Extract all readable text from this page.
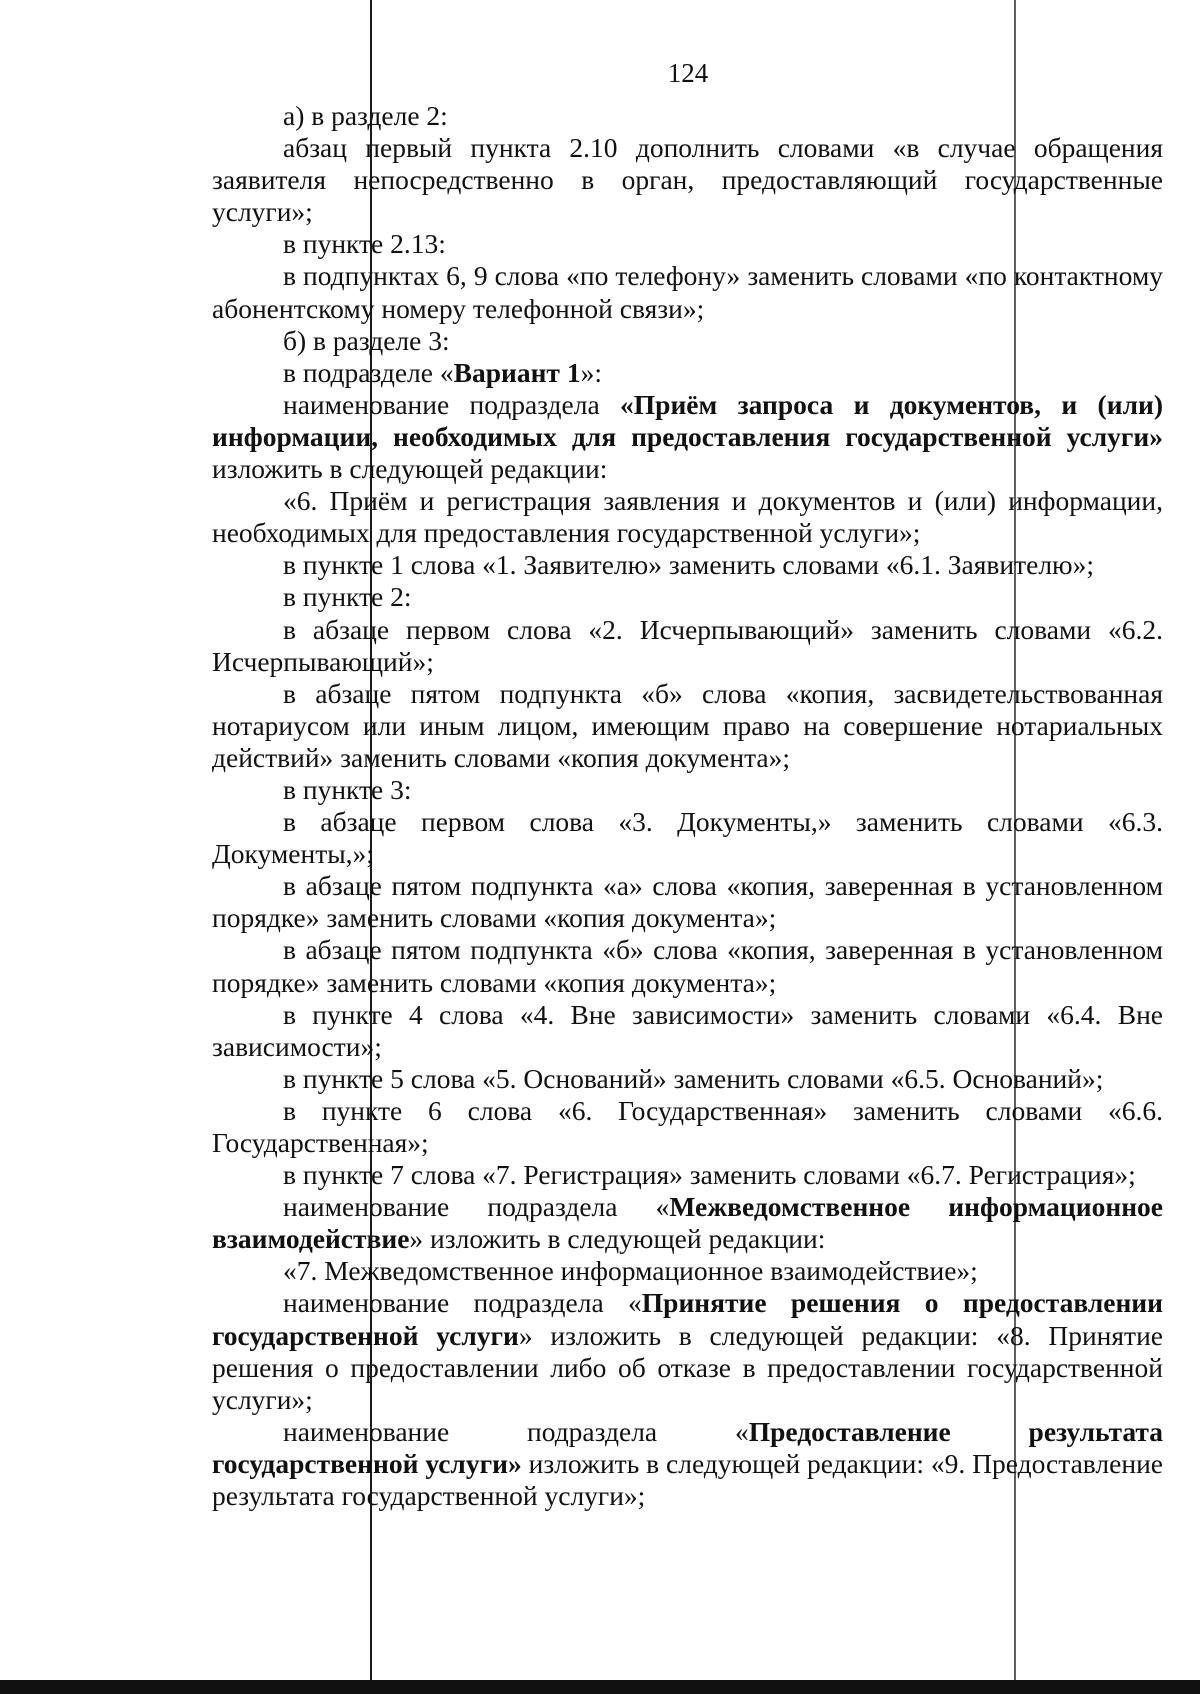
124

а) в разделе 2:

абзац первый пункта 2.10 дополнить словами «в случае обращения заявителя непосредственно в орган, предоставляющий государственные услуги»;

в пункте 2.13:

в подпунктах 6, 9 слова «по телефону» заменить словами «по контактному абонентскому номеру телефонной связи»;

б) в разделе 3:

в подразделе «Вариант 1»:

наименование подраздела «Приём запроса и документов, и (или) информации, необходимых для предоставления государственной услуги» изложить в следующей редакции:

«6. Приём и регистрация заявления и документов и (или) информации, необходимых для предоставления государственной услуги»;

в пункте 1 слова «1. Заявителю» заменить словами «6.1. Заявителю»;

в пункте 2:

в абзаце первом слова «2. Исчерпывающий» заменить словами «6.2. Исчерпывающий»;

в абзаце пятом подпункта «б» слова «копия, засвидетельствованная нотариусом или иным лицом, имеющим право на совершение нотариальных действий» заменить словами «копия документа»;

в пункте 3:

в абзаце первом слова «3. Документы,» заменить словами «6.3. Документы,»;

в абзаце пятом подпункта «а» слова «копия, заверенная в установленном порядке» заменить словами «копия документа»;

в абзаце пятом подпункта «б» слова «копия, заверенная в установленном порядке» заменить словами «копия документа»;

в пункте 4 слова «4. Вне зависимости» заменить словами «6.4. Вне зависимости»;

в пункте 5 слова «5. Оснований» заменить словами «6.5. Оснований»;

в пункте 6 слова «6. Государственная» заменить словами «6.6. Государственная»;

в пункте 7 слова «7. Регистрация» заменить словами «6.7. Регистрация»;

наименование подраздела «Межведомственное информационное взаимодействие» изложить в следующей редакции:

«7. Межведомственное информационное взаимодействие»;

наименование подраздела «Принятие решения о предоставлении государственной услуги» изложить в следующей редакции: «8. Принятие решения о предоставлении либо об отказе в предоставлении государственной услуги»;

наименование подраздела «Предоставление результата государственной услуги» изложить в следующей редакции: «9. Предоставление результата государственной услуги»;
